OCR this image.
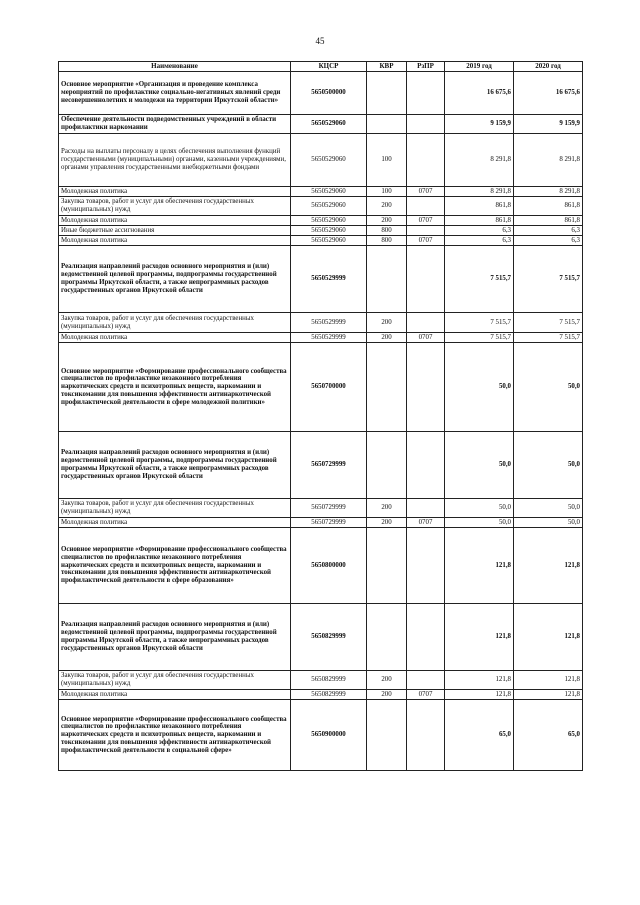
45
Наименование	КЦСР	КВР	РзПР	2019 год	2020 год
Основное мероприятие «Организация и проведение комплекса мероприятий по профилактике социально-негативных явлений среди несовершеннолетних и молодежи на территории Иркутской области»	5650500000			16 675,6	16 675,6
Обеспечение деятельности подведомственных учреждений в области профилактики наркомании	5650529060			9 159,9	9 159,9
Расходы на выплаты персоналу в целях обеспечения выполнения функций государственными (муниципальными) органами, казенными учреждениями, органами управления государственными внебюджетными фондами	5650529060	100		8 291,8	8 291,8
Молодежная политика	5650529060	100	0707	8 291,8	8 291,8
Закупка товаров, работ и услуг для обеспечения государственных (муниципальных) нужд	5650529060	200		861,8	861,8
Молодежная политика	5650529060	200	0707	861,8	861,8
Иные бюджетные ассигнования	5650529060	800		6,3	6,3
Молодежная политика	5650529060	800	0707	6,3	6,3
Реализация направлений расходов основного мероприятия и (или) ведомственной целевой программы, подпрограммы государственной программы Иркутской области, а также непрограммных расходов государственных органов Иркутской области	5650529999			7 515,7	7 515,7
Закупка товаров, работ и услуг для обеспечения государственных (муниципальных) нужд	5650529999	200		7 515,7	7 515,7
Молодежная политика	5650529999	200	0707	7 515,7	7 515,7
Основное мероприятие «Формирование профессионального сообщества специалистов по профилактике незаконного потребления наркотических средств и психотропных веществ, наркомании и токсикомании для повышения эффективности антинаркотической профилактической деятельности в сфере молодежной политики»	5650700000			50,0	50,0
Реализация направлений расходов основного мероприятия и (или) ведомственной целевой программы, подпрограммы государственной программы Иркутской области, а также непрограммных расходов государственных органов Иркутской области	5650729999			50,0	50,0
Закупка товаров, работ и услуг для обеспечения государственных (муниципальных) нужд	5650729999	200		50,0	50,0
Молодежная политика	5650729999	200	0707	50,0	50,0
Основное мероприятие «Формирование профессионального сообщества специалистов по профилактике незаконного потребления наркотических средств и психотропных веществ, наркомании и токсикомании для повышения эффективности антинаркотической профилактической деятельности в сфере образования»	5650800000			121,8	121,8
Реализация направлений расходов основного мероприятия и (или) ведомственной целевой программы, подпрограммы государственной программы Иркутской области, а также непрограммных расходов государственных органов Иркутской области	5650829999			121,8	121,8
Закупка товаров, работ и услуг для обеспечения государственных (муниципальных) нужд	5650829999	200		121,8	121,8
Молодежная политика	5650829999	200	0707	121,8	121,8
Основное мероприятие «Формирование профессионального сообщества специалистов по профилактике незаконного потребления наркотических средств и психотропных веществ, наркомании и токсикомании для повышения эффективности антинаркотической профилактической деятельности в социальной сфере»	5650900000			65,0	65,0
